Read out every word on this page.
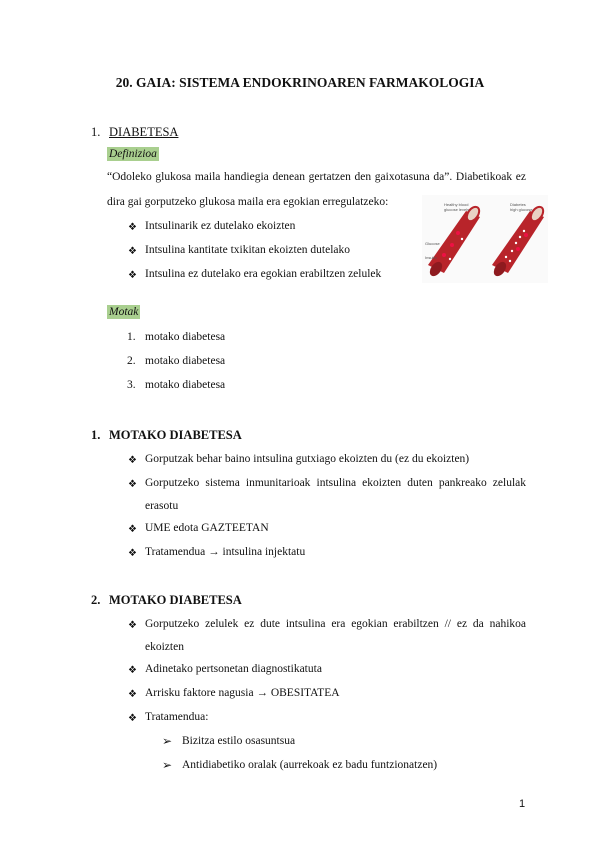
20. GAIA: SISTEMA ENDOKRINOAREN FARMAKOLOGIA
1. DIABETESA
Definizioa
“Odoleko glukosa maila handiegia denean gertatzen den gaixotasuna da”. Diabetikoak ez
dira gai gorputzeko glukosa maila era egokian erregulatzeko:
❖ Intsulinarik ez dutelako ekoizten
❖ Intsulina kantitate txikitan ekoizten dutelako
❖ Intsulina ez dutelako era egokian erabiltzen zelulek
Healthy blood
glucose levels
Diabetes
high glucose
Glucose
Insulin
Motak
1. motako diabetesa
2. motako diabetesa
3. motako diabetesa
1. MOTAKO DIABETESA
❖ Gorputzak behar baino intsulina gutxiago ekoizten du (ez du ekoizten)
❖ Gorputzeko sistema inmunitarioak intsulina ekoizten duten pankreako zelulak
erasotu
❖ UME edota GAZTEETAN
❖ Tratamendua → intsulina injektatu
2. MOTAKO DIABETESA
❖ Gorputzeko zelulek ez dute intsulina era egokian erabiltzen // ez da nahikoa
ekoizten
❖ Adinetako pertsonetan diagnostikatuta
❖ Arrisku faktore nagusia → OBESITATEA
❖ Tratamendua:
➢ Bizitza estilo osasuntsua
➢ Antidiabetiko oralak (aurrekoak ez badu funtzionatzen)
1
